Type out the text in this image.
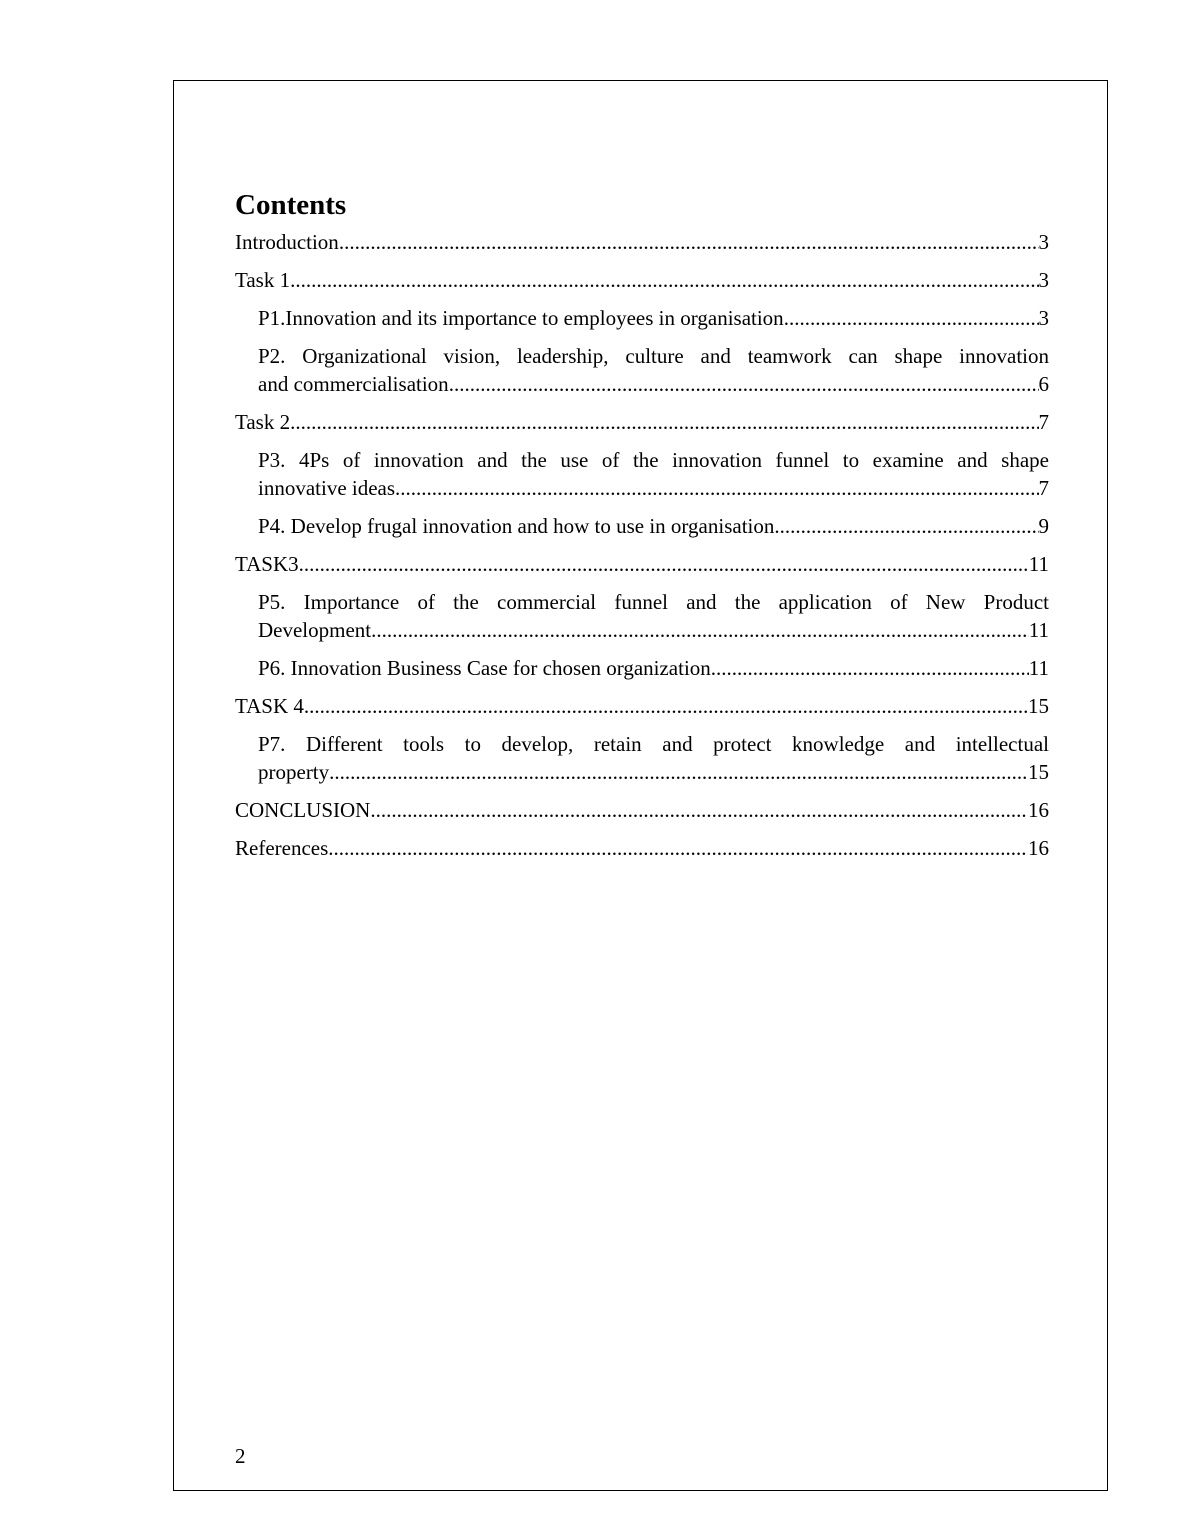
Contents
Introduction .....	3
Task 1 .....	3
P1.Innovation and its importance to employees in organisation .....	3
P2. Organizational vision, leadership, culture and teamwork can shape innovation
and commercialisation .....	6
Task 2 .....	7
P3. 4Ps of innovation and the use of the innovation funnel to examine and shape
innovative ideas .....	7
P4. Develop frugal innovation and how to use in organisation .....	9
TASK3 .....	11
P5. Importance of the commercial funnel and the application of New Product
Development .....	11
P6. Innovation Business Case for chosen organization .....	11
TASK 4 .....	15
P7. Different tools to develop, retain and protect knowledge and intellectual
property .....	15
CONCLUSION .....	16
References .....	16
2
